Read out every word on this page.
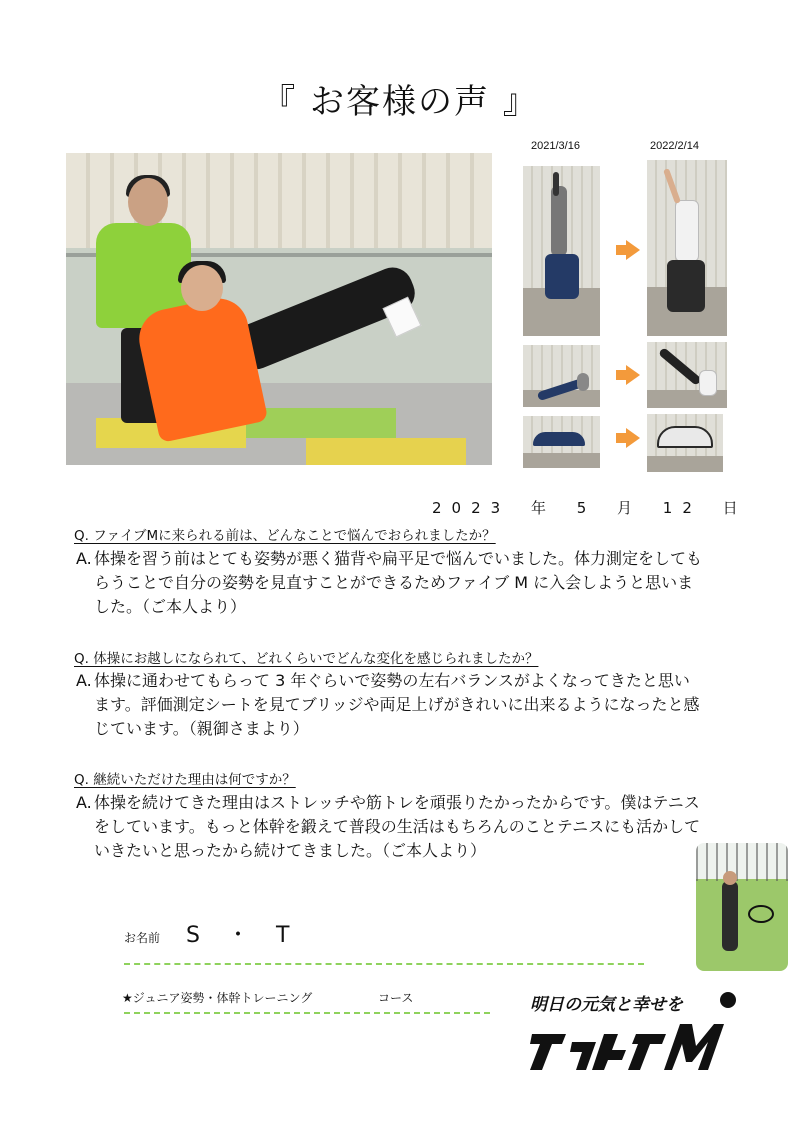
『 お客様の声 』
2021/3/16	2022/2/14
2023 年 5 月 12 日
Q. ファイブMに来られる前は、どんなことで悩んでおられましたか？
A. 体操を習う前はとても姿勢が悪く猫背や扁平足で悩んでいました。体力測定をしてもらうことで自分の姿勢を見直すことができるためファイブ M に入会しようと思いました。（ご本人より）
Q. 体操にお越しになられて、どれくらいでどんな変化を感じられましたか？
A. 体操に通わせてもらって 3 年ぐらいで姿勢の左右バランスがよくなってきたと思います。評価測定シートを見てブリッジや両足上げがきれいに出来るようになったと感じています。（親御さまより）
Q. 継続いただけた理由は何ですか？
A. 体操を続けてきた理由はストレッチや筋トレを頑張りたかったからです。僕はテニスをしています。もっと体幹を鍛えて普段の生活はもちろんのことテニスにも活かしていきたいと思ったから続けてきました。（ご本人より）
お名前 S ・ T
★ジュニア姿勢・体幹トレーニング	コース	明日の元気と幸せを
